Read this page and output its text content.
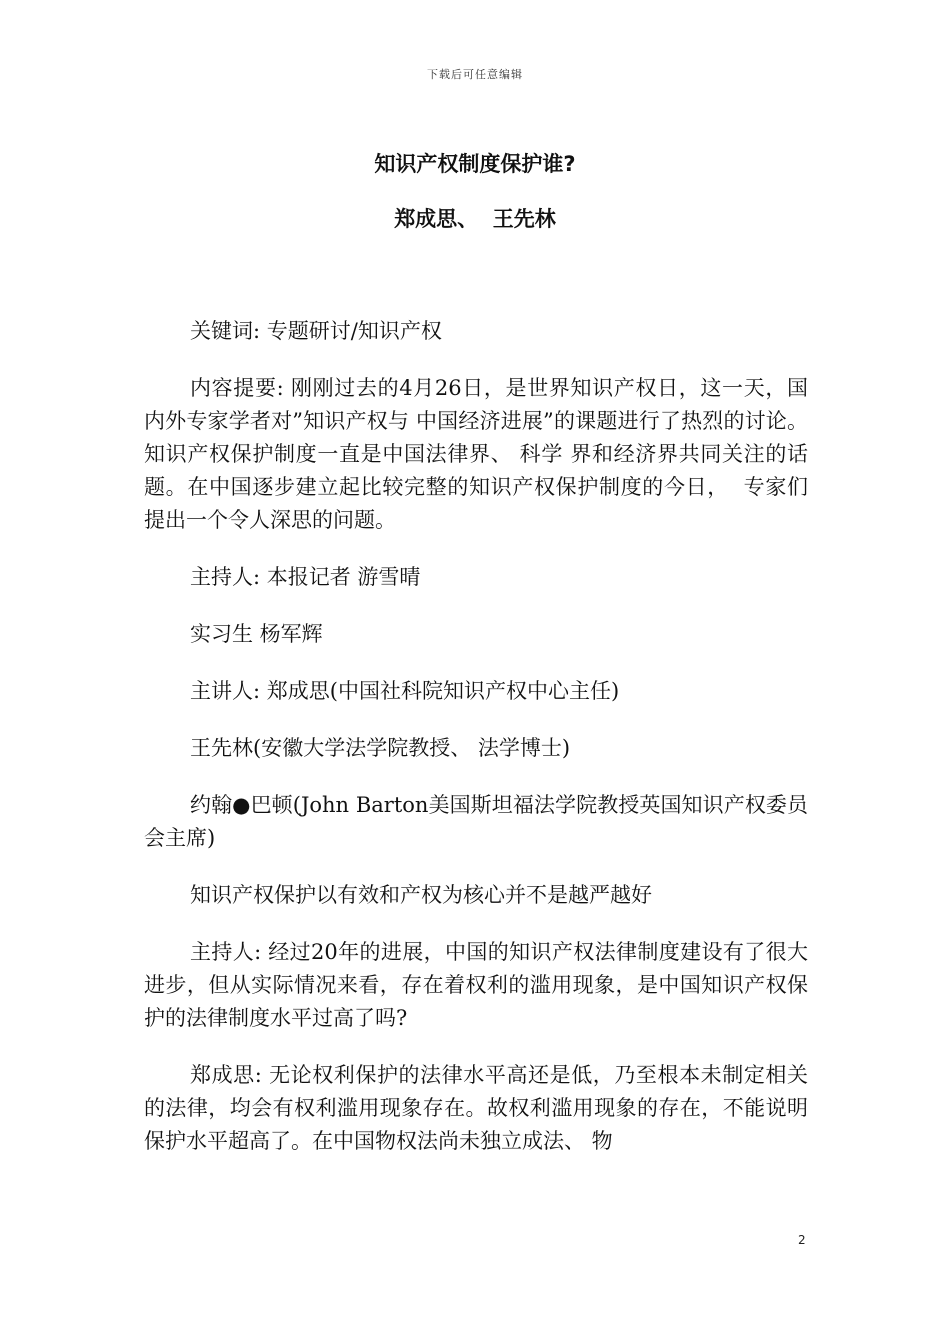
下载后可任意编辑
知识产权制度保护谁?
郑成思、  王先林

关键词: 专题研讨/知识产权

内容提要: 刚刚过去的4月26日，是世界知识产权日，这一天，国内外专家学者对”知识产权与 中国经济进展”的课题进行了热烈的讨论。知识产权保护制度一直是中国法律界、 科学 界和经济界共同关注的话题。在中国逐步建立起比较完整的知识产权保护制度的今日，  专家们提出一个令人深思的问题。

主持人: 本报记者 游雪晴

实习生 杨军辉

主讲人: 郑成思(中国社科院知识产权中心主任)

王先林(安徽大学法学院教授、 法学博士)

约翰●巴顿(John Barton美国斯坦福法学院教授英国知识产权委员会主席)

知识产权保护以有效和产权为核心并不是越严越好

主持人: 经过20年的进展，中国的知识产权法律制度建设有了很大进步，但从实际情况来看，存在着权利的滥用现象，是中国知识产权保护的法律制度水平过高了吗?

郑成思: 无论权利保护的法律水平高还是低，乃至根本未制定相关的法律，均会有权利滥用现象存在。故权利滥用现象的存在，不能说明保护水平超高了。在中国物权法尚未独立成法、 物

2
